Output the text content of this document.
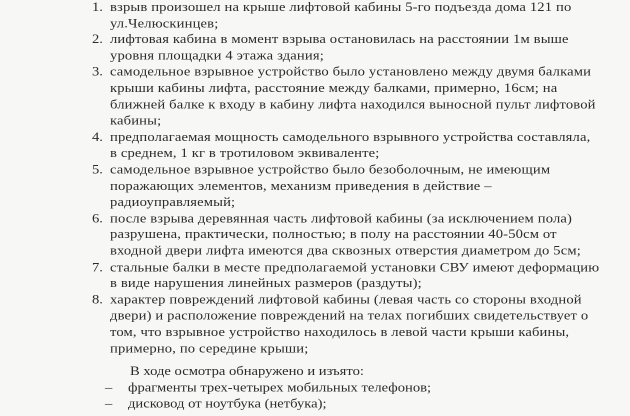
1. взрыв произошел на крыше лифтовой кабины 5-го подъезда дома 121 по
ул.Челюскинцев;
2. лифтовая кабина в момент взрыва остановилась на расстоянии 1м выше
уровня площадки 4 этажа здания;
3. самодельное взрывное устройство было установлено между двумя балками
крыши кабины лифта, расстояние между балками, примерно, 16см; на
ближней балке к входу в кабину лифта находился выносной пульт лифтовой
кабины;
4. предполагаемая мощность самодельного взрывного устройства составляла,
в среднем, 1 кг в тротиловом эквиваленте;
5. самодельное взрывное устройство было безоболочным, не имеющим
поражающих элементов, механизм приведения в действие –
радиоуправляемый;
6. после взрыва деревянная часть лифтовой кабины (за исключением пола)
разрушена, практически, полностью; в полу на расстоянии 40-50см от
входной двери лифта имеются два сквозных отверстия диаметром до 5см;
7. стальные балки в месте предполагаемой установки СВУ имеют деформацию
в виде нарушения линейных размеров (раздуты);
8. характер повреждений лифтовой кабины (левая часть со стороны входной
двери) и расположение повреждений на телах погибших свидетельствует о
том, что взрывное устройство находилось в левой части крыши кабины,
примерно, по середине крыши;
В ходе осмотра обнаружено и изъято:
– фрагменты трех-четырех мобильных телефонов;
– дисковод от ноутбука (нетбука);
